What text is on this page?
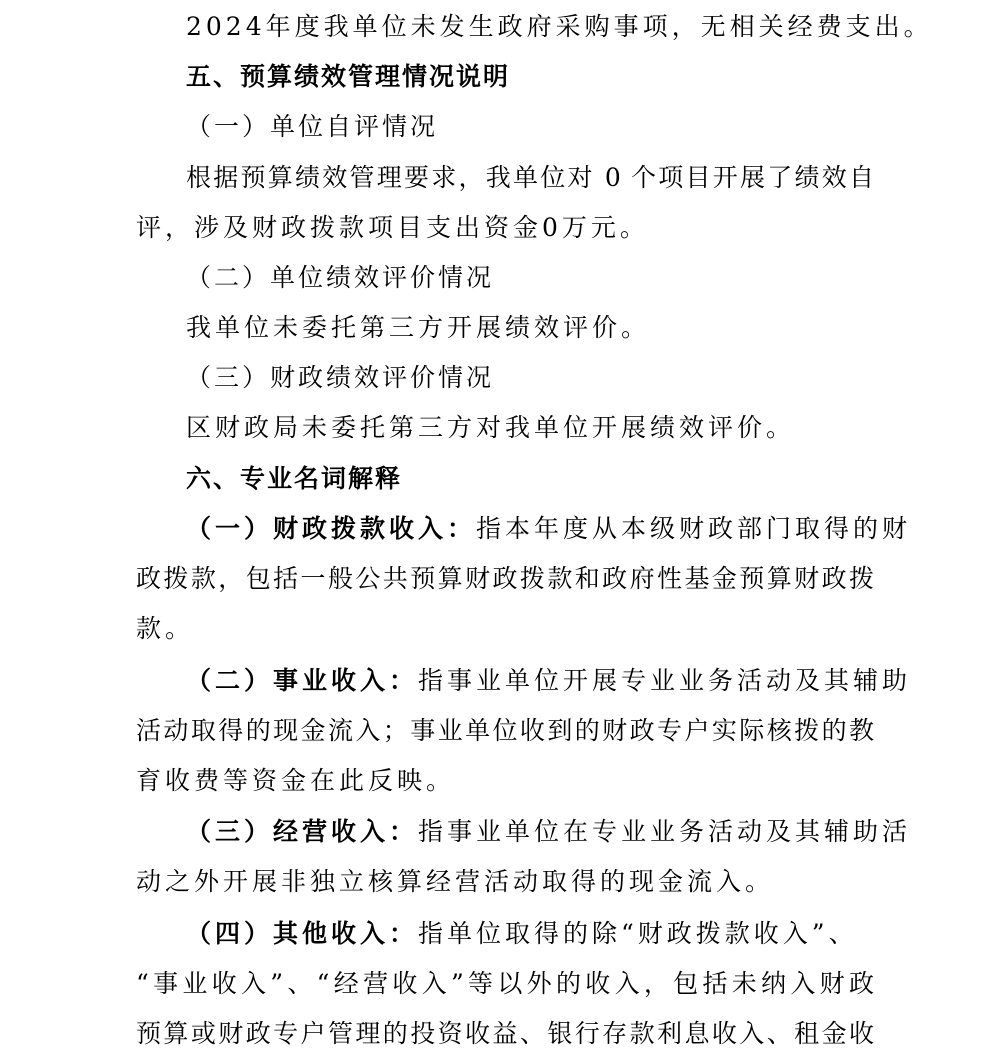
2024年度我单位未发生政府采购事项，无相关经费支出。
五、预算绩效管理情况说明
（一）单位自评情况
根据预算绩效管理要求，我单位对 0 个项目开展了绩效自
评，涉及财政拨款项目支出资金0万元。
（二）单位绩效评价情况
我单位未委托第三方开展绩效评价。
（三）财政绩效评价情况
区财政局未委托第三方对我单位开展绩效评价。
六、专业名词解释
（一）财政拨款收入：指本年度从本级财政部门取得的财
政拨款，包括一般公共预算财政拨款和政府性基金预算财政拨
款。
（二）事业收入：指事业单位开展专业业务活动及其辅助
活动取得的现金流入；事业单位收到的财政专户实际核拨的教
育收费等资金在此反映。
（三）经营收入：指事业单位在专业业务活动及其辅助活
动之外开展非独立核算经营活动取得的现金流入。
（四）其他收入：指单位取得的除“财政拨款收入”、
“事业收入”、“经营收入”等以外的收入，包括未纳入财政
预算或财政专户管理的投资收益、银行存款利息收入、租金收
